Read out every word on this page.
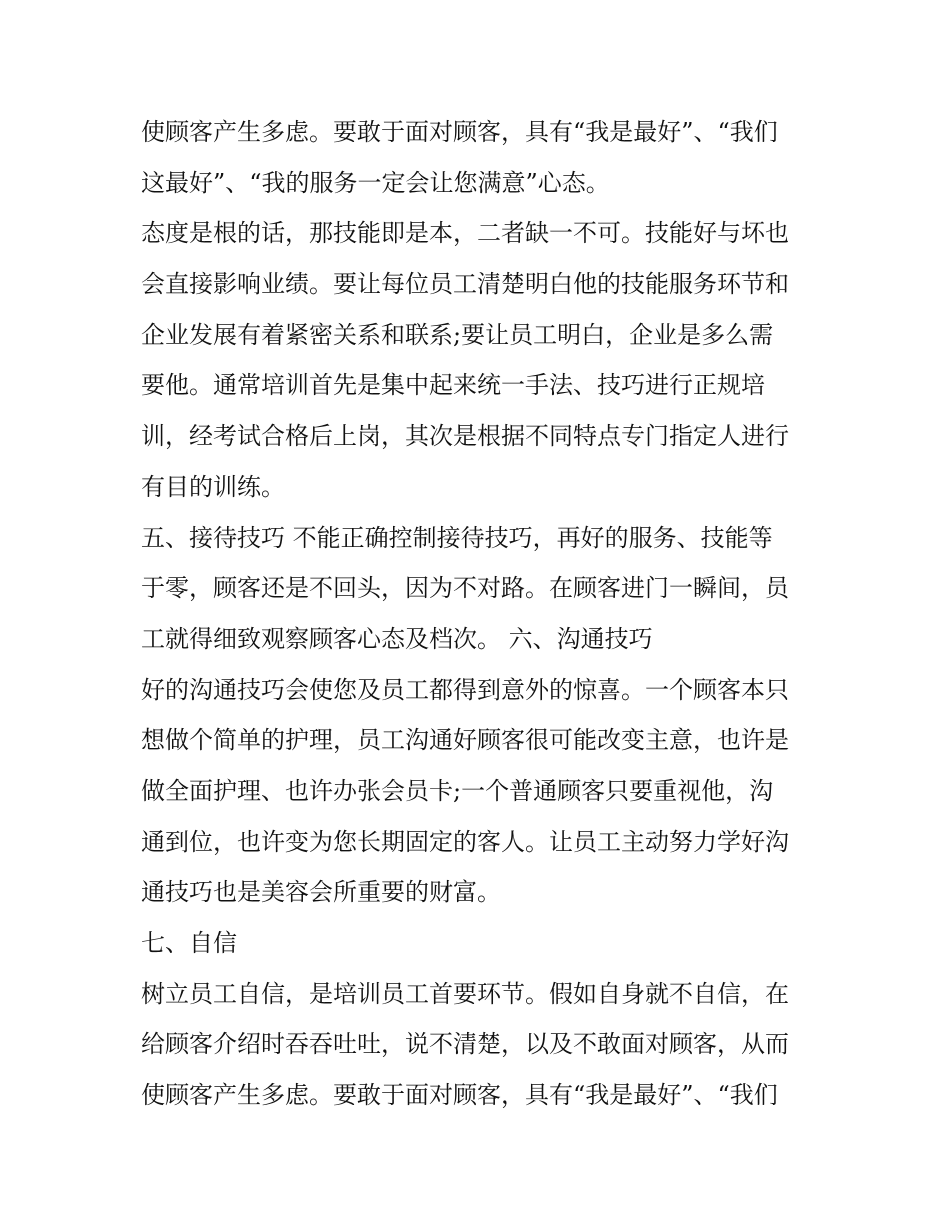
使顾客产生多虑。要敢于面对顾客，具有“我是最好”、“我们
这最好”、“我的服务一定会让您满意”心态。
态度是根的话，那技能即是本，二者缺一不可。技能好与坏也
会直接影响业绩。要让每位员工清楚明白他的技能服务环节和
企业发展有着紧密关系和联系;要让员工明白，企业是多么需
要他。通常培训首先是集中起来统一手法、技巧进行正规培
训，经考试合格后上岗，其次是根据不同特点专门指定人进行
有目的训练。
五、接待技巧 不能正确控制接待技巧，再好的服务、技能等
于零，顾客还是不回头，因为不对路。在顾客进门一瞬间，员
工就得细致观察顾客心态及档次。 六、沟通技巧
好的沟通技巧会使您及员工都得到意外的惊喜。一个顾客本只
想做个简单的护理，员工沟通好顾客很可能改变主意，也许是
做全面护理、也许办张会员卡;一个普通顾客只要重视他，沟
通到位，也许变为您长期固定的客人。让员工主动努力学好沟
通技巧也是美容会所重要的财富。
七、自信
树立员工自信，是培训员工首要环节。假如自身就不自信，在
给顾客介绍时吞吞吐吐，说不清楚，以及不敢面对顾客，从而
使顾客产生多虑。要敢于面对顾客，具有“我是最好”、“我们
